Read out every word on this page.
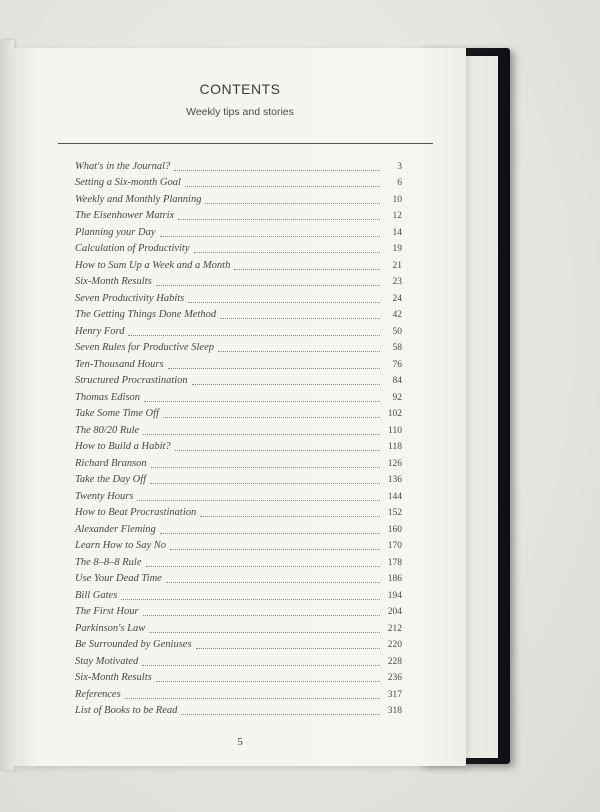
CONTENTS
Weekly tips and stories
What's in the Journal?	3
Setting a Six-month Goal	6
Weekly and Monthly Planning	10
The Eisenhower Matrix	12
Planning your Day	14
Calculation of Productivity	19
How to Sum Up a Week and a Month	21
Six-Month Results	23
Seven Productivity Habits	24
The Getting Things Done Method	42
Henry Ford	50
Seven Rules for Productive Sleep	58
Ten-Thousand Hours	76
Structured Procrastination	84
Thomas Edison	92
Take Some Time Off	102
The 80/20 Rule	110
How to Build a Habit?	118
Richard Branson	126
Take the Day Off	136
Twenty Hours	144
How to Beat Procrastination	152
Alexander Fleming	160
Learn How to Say No	170
The 8–8–8 Rule	178
Use Your Dead Time	186
Bill Gates	194
The First Hour	204
Parkinson's Law	212
Be Surrounded by Geniuses	220
Stay Motivated	228
Six-Month Results	236
References	317
List of Books to be Read	318
5
